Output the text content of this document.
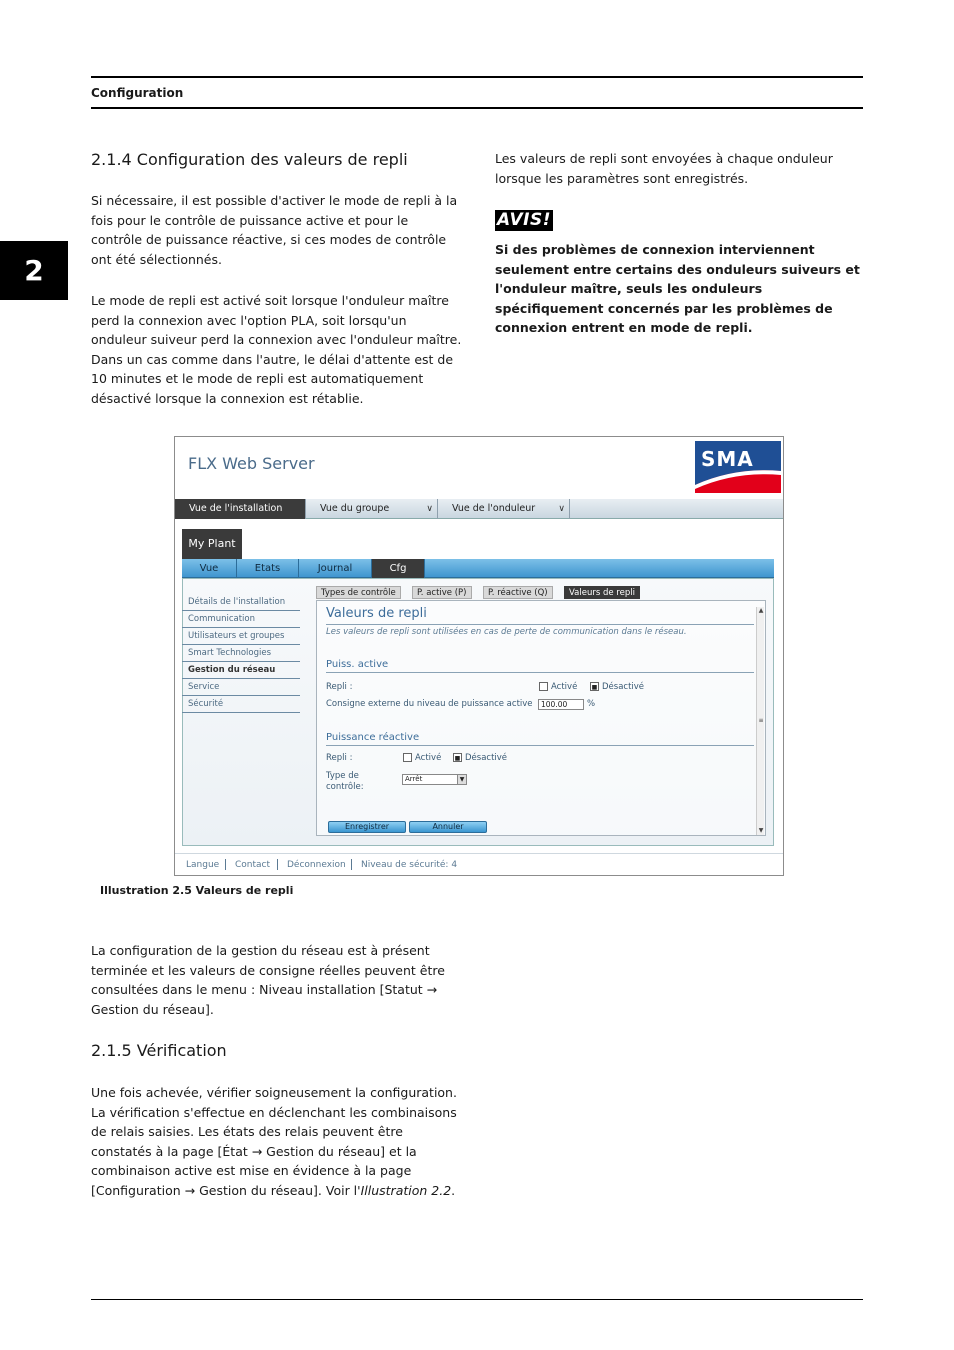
Configuration
2
2.1.4 Configuration des valeurs de repli
Si nécessaire, il est possible d'activer le mode de repli à la fois pour le contrôle de puissance active et pour le contrôle de puissance réactive, si ces modes de contrôle ont été sélectionnés.
Le mode de repli est activé soit lorsque l'onduleur maître perd la connexion avec l'option PLA, soit lorsqu'un onduleur suiveur perd la connexion avec l'onduleur maître. Dans un cas comme dans l'autre, le délai d'attente est de 10 minutes et le mode de repli est automatiquement désactivé lorsque la connexion est rétablie.
Les valeurs de repli sont envoyées à chaque onduleur lorsque les paramètres sont enregistrés.
AVIS!
Si des problèmes de connexion interviennent seulement entre certains des onduleurs suiveurs et l'onduleur maître, seuls les onduleurs spécifiquement concernés par les problèmes de connexion entrent en mode de repli.
FLX Web Server	SMA
Vue de l'installation	Vue du groupe	∨	Vue de l'onduleur	∨
My Plant
Vue	Etats	Journal	Cfg
Détails de l'installation
Communication
Utilisateurs et groupes
Smart Technologies
Gestion du réseau
Service
Sécurité
Types de contrôle	P. active (P)	P. réactive (Q)	Valeurs de repli
Valeurs de repli
Les valeurs de repli sont utilisées en cas de perte de communication dans le réseau.
Puiss. active
Repli :	Activé ■	Désactivé
Consigne externe du niveau de puissance active	100.00	%
Puissance réactive
Repli :	Activé ■	Désactivé
Type de
contrôle:
Arrêt	▼
Enregistrer	Annuler
▲
≡
▼
Langue Contact Déconnexion Niveau de sécurité: 4
Illustration 2.5 Valeurs de repli
La configuration de la gestion du réseau est à présent terminée et les valeurs de consigne réelles peuvent être consultées dans le menu : Niveau installation [Statut → Gestion du réseau].
2.1.5 Vérification
Une fois achevée, vérifier soigneusement la configuration. La vérification s'effectue en déclenchant les combinaisons de relais saisies. Les états des relais peuvent être constatés à la page [État → Gestion du réseau] et la combinaison active est mise en évidence à la page [Configuration → Gestion du réseau]. Voir l'Illustration 2.2.
